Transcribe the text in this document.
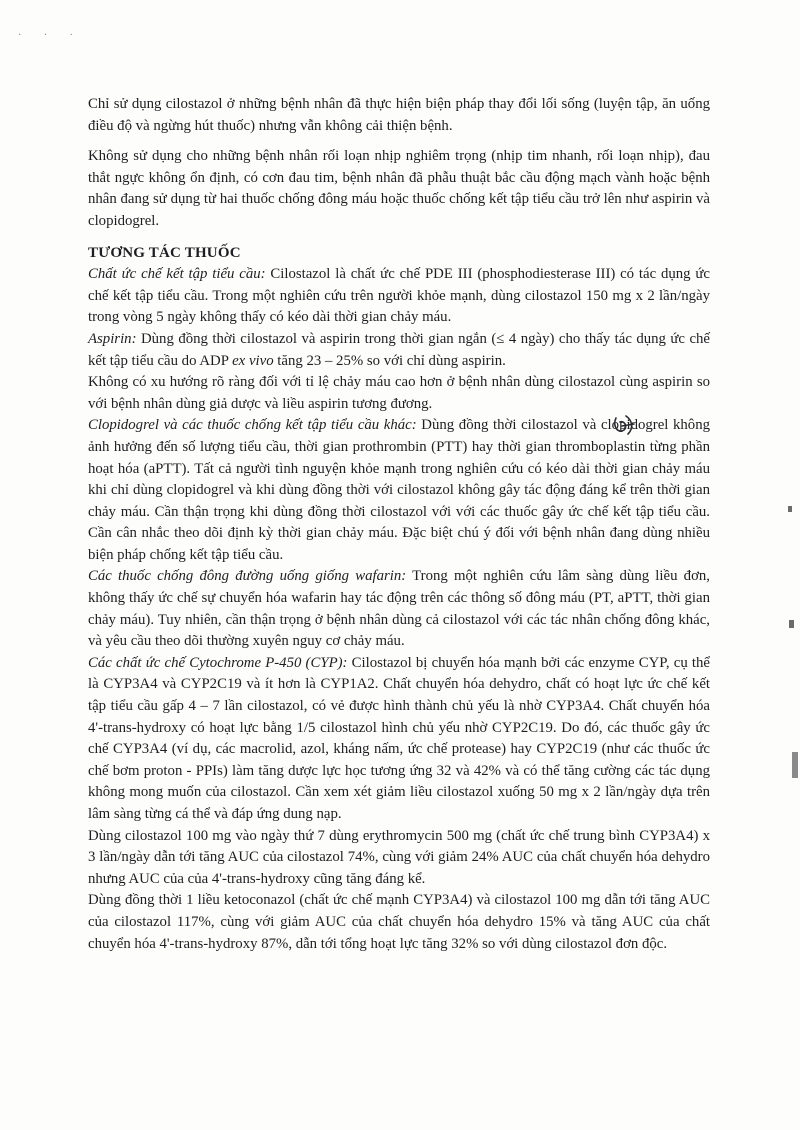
· · ·

Chỉ sử dụng cilostazol ở những bệnh nhân đã thực hiện biện pháp thay đổi lối sống (luyện tập, ăn uống điều độ và ngừng hút thuốc) nhưng vẫn không cải thiện bệnh.

Không sử dụng cho những bệnh nhân rối loạn nhịp nghiêm trọng (nhịp tim nhanh, rối loạn nhịp), đau thắt ngực không ổn định, có cơn đau tim, bệnh nhân đã phẫu thuật bắc cầu động mạch vành hoặc bệnh nhân đang sử dụng từ hai thuốc chống đông máu hoặc thuốc chống kết tập tiểu cầu trở lên như aspirin và clopidogrel.

TƯƠNG TÁC THUỐC

Chất ức chế kết tập tiểu cầu: Cilostazol là chất ức chế PDE III (phosphodiesterase III) có tác dụng ức chế kết tập tiểu cầu. Trong một nghiên cứu trên người khỏe mạnh, dùng cilostazol 150 mg x 2 lần/ngày trong vòng 5 ngày không thấy có kéo dài thời gian chảy máu.

Aspirin: Dùng đồng thời cilostazol và aspirin trong thời gian ngắn (≤ 4 ngày) cho thấy tác dụng ức chế kết tập tiểu cầu do ADP ex vivo tăng 23 – 25% so với chỉ dùng aspirin.

Không có xu hướng rõ ràng đối với tỉ lệ chảy máu cao hơn ở bệnh nhân dùng cilostazol cùng aspirin so với bệnh nhân dùng giả dược và liều aspirin tương đương.

Clopidogrel và các thuốc chống kết tập tiểu cầu khác: Dùng đồng thời cilostazol và clopidogrel không ảnh hưởng đến số lượng tiểu cầu, thời gian prothrombin (PTT) hay thời gian thromboplastin từng phần hoạt hóa (aPTT). Tất cả người tình nguyện khỏe mạnh trong nghiên cứu có kéo dài thời gian chảy máu khi chỉ dùng clopidogrel và khi dùng đồng thời với cilostazol không gây tác động đáng kể trên thời gian chảy máu. Cần thận trọng khi dùng đồng thời cilostazol với với các thuốc gây ức chế kết tập tiểu cầu. Cần cân nhắc theo dõi định kỳ thời gian chảy máu. Đặc biệt chú ý đối với bệnh nhân đang dùng nhiều biện pháp chống kết tập tiểu cầu.

Các thuốc chống đông đường uống giống wafarin: Trong một nghiên cứu lâm sàng dùng liều đơn, không thấy ức chế sự chuyển hóa wafarin hay tác động trên các thông số đông máu (PT, aPTT, thời gian chảy máu). Tuy nhiên, cần thận trọng ở bệnh nhân dùng cả cilostazol với các tác nhân chống đông khác, và yêu cầu theo dõi thường xuyên nguy cơ chảy máu.

Các chất ức chế Cytochrome P-450 (CYP): Cilostazol bị chuyển hóa mạnh bởi các enzyme CYP, cụ thể là CYP3A4 và CYP2C19 và ít hơn là CYP1A2. Chất chuyển hóa dehydro, chất có hoạt lực ức chế kết tập tiểu cầu gấp 4 – 7 lần cilostazol, có vẻ được hình thành chủ yếu là nhờ CYP3A4. Chất chuyển hóa 4'-trans-hydroxy có hoạt lực bằng 1/5 cilostazol hình chủ yếu nhờ CYP2C19. Do đó, các thuốc gây ức chế CYP3A4 (ví dụ, các macrolid, azol, kháng nấm, ức chế protease) hay CYP2C19 (như các thuốc ức chế bơm proton - PPIs) làm tăng dược lực học tương ứng 32 và 42% và có thể tăng cường các tác dụng không mong muốn của cilostazol. Cần xem xét giảm liều cilostazol xuống 50 mg x 2 lần/ngày dựa trên lâm sàng từng cá thể và đáp ứng dung nạp.

Dùng cilostazol 100 mg vào ngày thứ 7 dùng erythromycin 500 mg (chất ức chế trung bình CYP3A4) x 3 lần/ngày dẫn tới tăng AUC của cilostazol 74%, cùng với giảm 24% AUC của chất chuyển hóa dehydro nhưng AUC của của 4'-trans-hydroxy cũng tăng đáng kể.

Dùng đồng thời 1 liều ketoconazol (chất ức chế mạnh CYP3A4) và cilostazol 100 mg dẫn tới tăng AUC của cilostazol 117%, cùng với giảm AUC của chất chuyển hóa dehydro 15% và tăng AUC của chất chuyển hóa 4'-trans-hydroxy 87%, dẫn tới tổng hoạt lực tăng 32% so với dùng cilostazol đơn độc.
